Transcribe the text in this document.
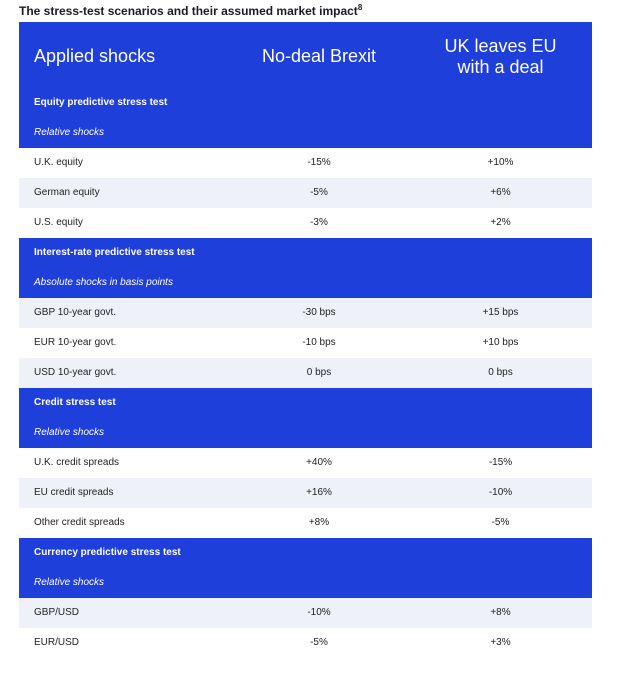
The stress-test scenarios and their assumed market impact$^8$
Applied shocks	No-deal Brexit	UK leaves EU
with a deal
Equity predictive stress test
Relative shocks
U.K. equity	-15%	+10%
German equity	-5%	+6%
U.S. equity	-3%	+2%
Interest-rate predictive stress test
Absolute shocks in basis points
GBP 10-year govt.	-30 bps	+15 bps
EUR 10-year govt.	-10 bps	+10 bps
USD 10-year govt.	0 bps	0 bps
Credit stress test
Relative shocks
U.K. credit spreads	+40%	-15%
EU credit spreads	+16%	-10%
Other credit spreads	+8%	-5%
Currency predictive stress test
Relative shocks
GBP/USD	-10%	+8%
EUR/USD	-5%	+3%
